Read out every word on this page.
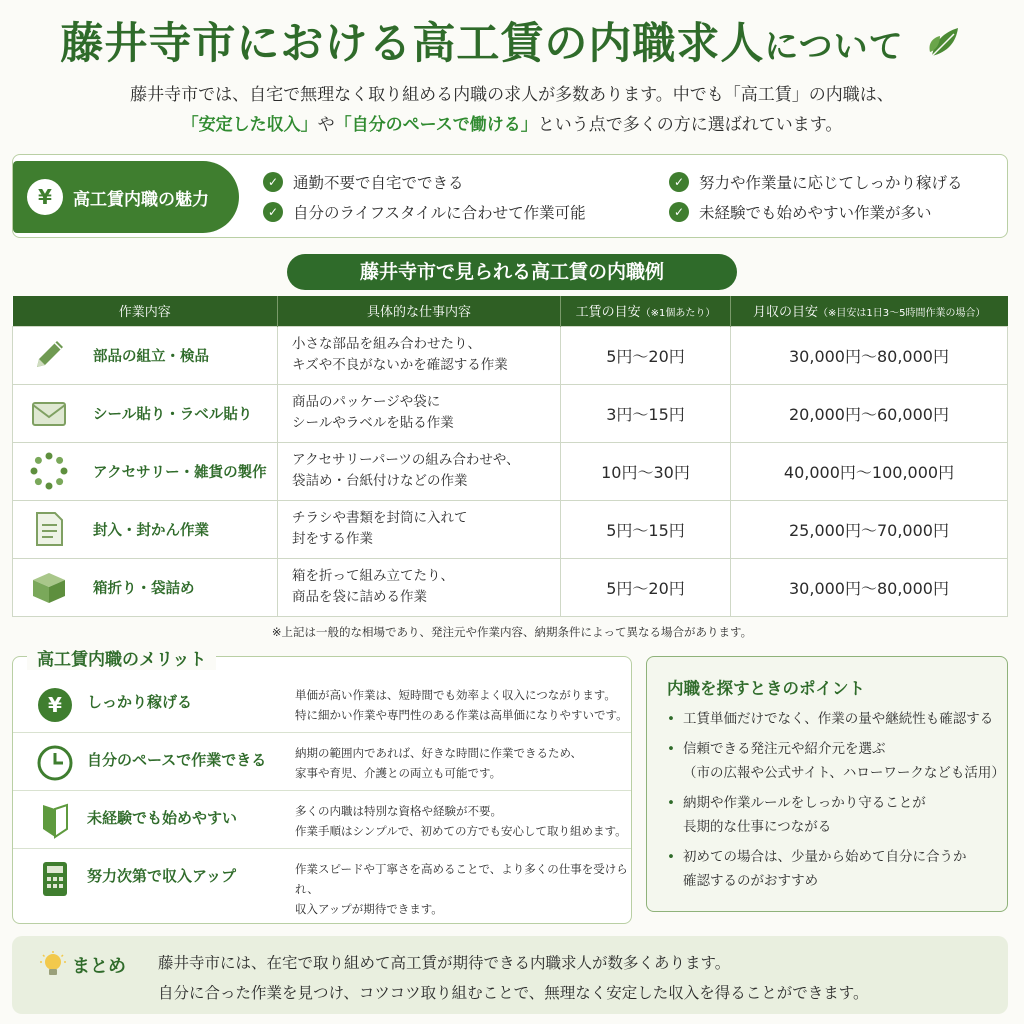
藤井寺市における高工賃の内職求人について
藤井寺市では、自宅で無理なく取り組める内職の求人が多数あります。中でも「高工賃」の内職は、
「安定した収入」や「自分のペースで働ける」という点で多くの方に選ばれています。
¥	高工賃内職の魅力
✓ 通勤不要で自宅でできる
✓ 自分のライフスタイルに合わせて作業可能
✓ 努力や作業量に応じてしっかり稼げる
✓ 未経験でも始めやすい作業が多い
藤井寺市で見られる高工賃の内職例
作業内容	具体的な仕事内容	工賃の目安（※1個あたり）	月収の目安（※目安は1日3〜5時間作業の場合）

部品の組立・検品	小さな部品を組み合わせたり、
キズや不良がないかを確認する作業	5円〜20円	30,000円〜80,000円

シール貼り・ラベル貼り	商品のパッケージや袋に
シールやラベルを貼る作業	3円〜15円	20,000円〜60,000円

アクセサリー・雑貨の製作	アクセサリーパーツの組み合わせや、
袋詰め・台紙付けなどの作業	10円〜30円	40,000円〜100,000円

封入・封かん作業	チラシや書類を封筒に入れて
封をする作業	5円〜15円	25,000円〜70,000円

箱折り・袋詰め	箱を折って組み立てたり、
商品を袋に詰める作業	5円〜20円	30,000円〜80,000円
※上記は一般的な相場であり、発注元や作業内容、納期条件によって異なる場合があります。
高工賃内職のメリット
¥ しっかり稼げる	単価が高い作業は、短時間でも効率よく収入につながります。
特に細かい作業や専門性のある作業は高単価になりやすいです。
自分のペースで作業できる 納期の範囲内であれば、好きな時間に作業できるため、
家事や育児、介護との両立も可能です。
未経験でも始めやすい	多くの内職は特別な資格や経験が不要。
作業手順はシンプルで、初めての方でも安心して取り組めます。
努力次第で収入アップ	作業スピードや丁寧さを高めることで、より多くの仕事を受けられ、
収入アップが期待できます。
内職を探すときのポイント
• 工賃単価だけでなく、作業の量や継続性も確認する
• 信頼できる発注元や紹介元を選ぶ
（市の広報や公式サイト、ハローワークなども活用）
• 納期や作業ルールをしっかり守ることが
長期的な仕事につながる
• 初めての場合は、少量から始めて自分に合うか
確認するのがおすすめ
まとめ 藤井寺市には、在宅で取り組めて高工賃が期待できる内職求人が数多くあります。
自分に合った作業を見つけ、コツコツ取り組むことで、無理なく安定した収入を得ることができます。
